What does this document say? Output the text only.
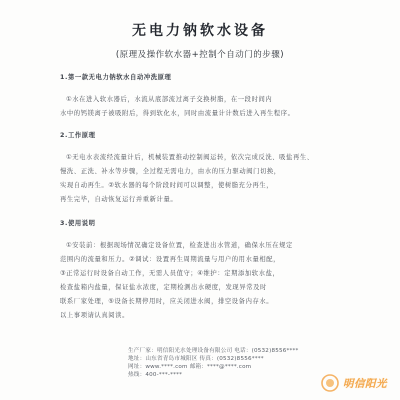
无电力钠软水设备
(原理及操作软水器+控制个自动门的步骤)
1.第一款无电力钠软水自动冲洗原理
①水在进入软水器后，水流从底部流过离子交换树脂，在一段时间内
水中的钙镁离子被吸附后，得到软化水，同时由流量计计数后进入再生程序。
2.工作原理
①无电水表流经流量计后，机械装置推动控制阀运转，依次完成反洗、吸盐再生、
慢洗、正洗、补水等步骤，全过程无需电力，由水的压力驱动阀门切换，
实现自动再生。②软水器的每个阶段时间可以调整，使树脂充分再生，
再生完毕，自动恢复运行并重新计量。
3.使用说明
①安装前：根据现场情况确定设备位置，检查进出水管道，确保水压在规定
范围内的流量和压力。②调试：设置再生周期流量与用户的用水量相配，
③正常运行时设备自动工作，无需人员值守；④维护：定期添加软水盐，
检查盐箱内盐量，保证盐水浓度，定期检测出水硬度，发现异常及时
联系厂家处理，⑤设备长期停用时，应关闭进水阀，排空设备内存水。
以上事项请认真阅读。
生产厂家：明信阳光水处理设备有限公司 电话：(0532)8556****
地址：山东省青岛市城阳区 传真：(0532)8556****
网址：www.****.com 邮箱：****@****.com
热线：400-***-****
明信阳光
